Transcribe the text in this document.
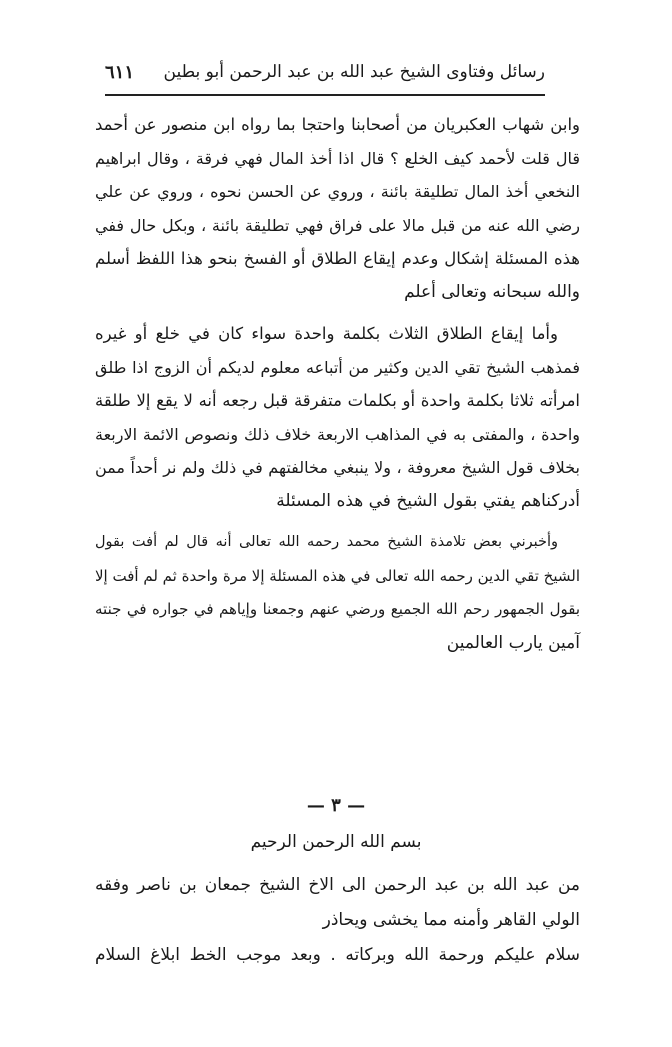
رسائل وفتاوى الشيخ عبد الله بن عبد الرحمن أبو بطين
٦١١
وابن شهاب العكبريان من أصحابنا واحتجا بما رواه ابن منصور عن أحمد
قال قلت لأحمد كيف الخلع ؟ قال اذا أخذ المال فهي فرقة ، وقال ابراهيم
النخعي أخذ المال تطليقة بائنة ، وروي عن الحسن نحوه ، وروي عن علي
رضي الله عنه من قبل مالا على فراق فهي تطليقة بائنة ، وبكل حال ففي
هذه المسئلة إشكال وعدم إيقاع الطلاق أو الفسخ بنحو هذا اللفظ أسلم
والله سبحانه وتعالى أعلم
وأما إيقاع الطلاق الثلاث بكلمة واحدة سواء كان في خلع أو غيره
فمذهب الشيخ تقي الدين وكثير من أتباعه معلوم لديكم أن الزوج اذا طلق
امرأته ثلاثا بكلمة واحدة أو بكلمات متفرقة قبل رجعه أنه لا يقع إلا طلقة
واحدة ، والمفتى به في المذاهب الاربعة خلاف ذلك ونصوص الائمة الاربعة
بخلاف قول الشيخ معروفة ، ولا ينبغي مخالفتهم في ذلك ولم نر أحداً ممن
أدركناهم يفتي بقول الشيخ في هذه المسئلة
وأخبرني بعض تلامذة الشيخ محمد رحمه الله تعالى أنه قال لم أفت بقول
الشيخ تقي الدين رحمه الله تعالى في هذه المسئلة إلا مرة واحدة ثم لم أفت إلا
بقول الجمهور رحم الله الجميع ورضي عنهم وجمعنا وإياهم في جواره في جنته
آمين يارب العالمين
— ٣ —
بسم الله الرحمن الرحيم
من عبد الله بن عبد الرحمن الى الاخ الشيخ جمعان بن ناصر وفقه
الولي القاهر وأمنه مما يخشى ويحاذر
سلام عليكم ورحمة الله وبركاته . وبعد موجب الخط ابلاغ السلام
